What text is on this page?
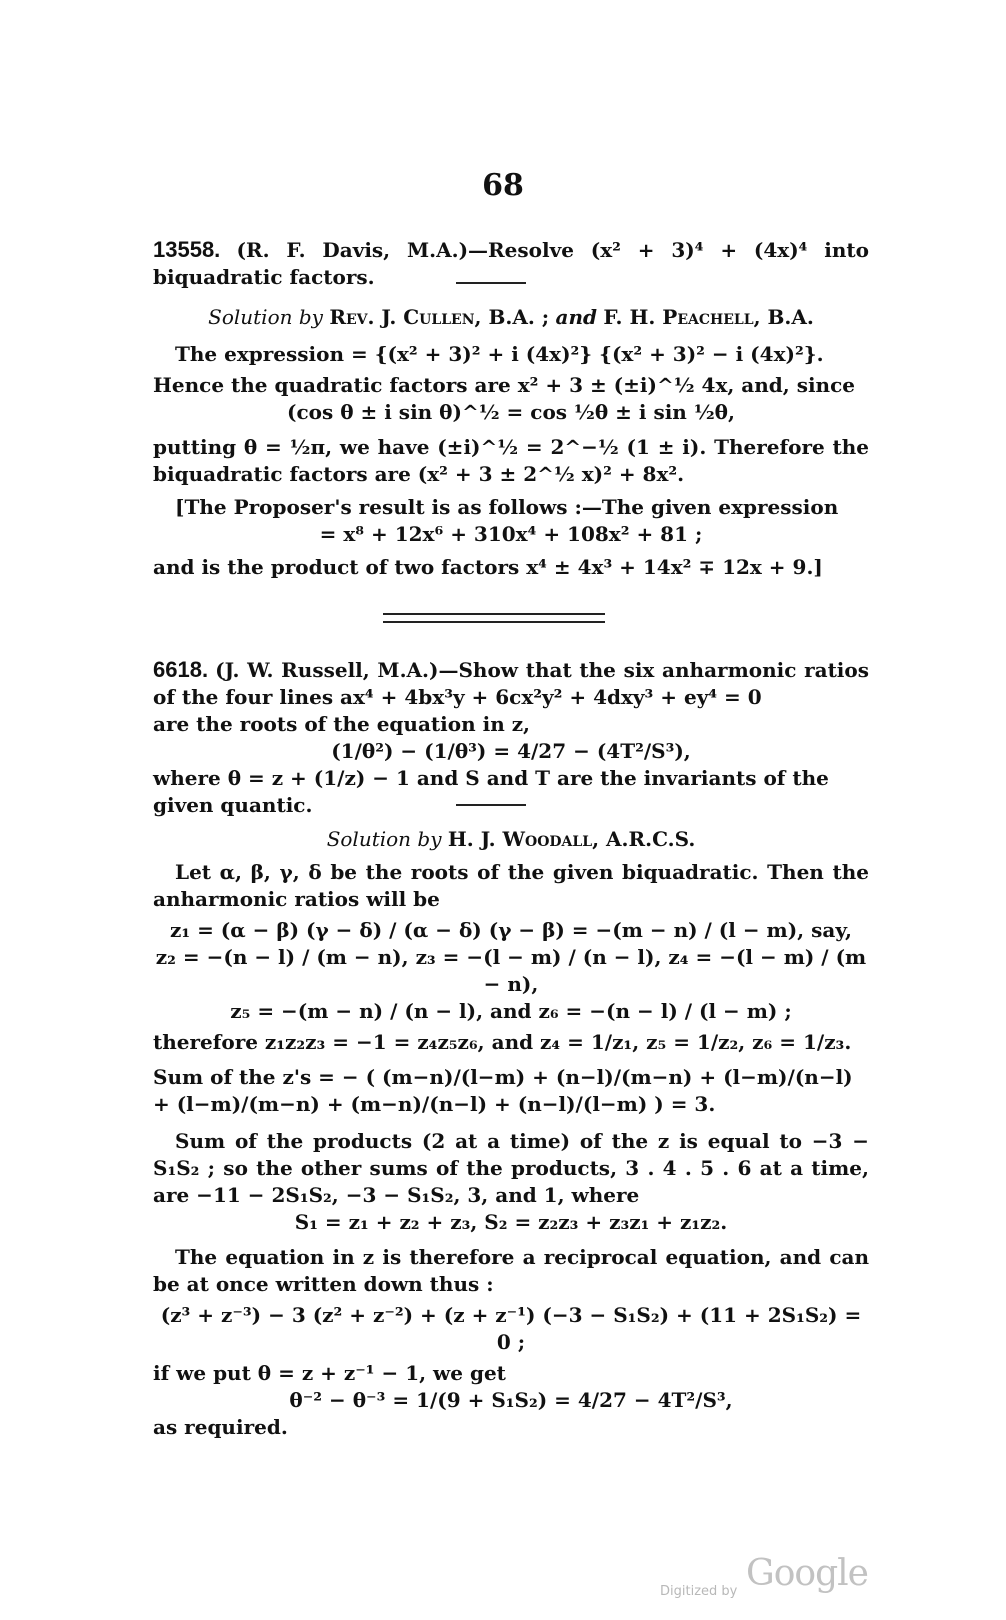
68

13558. (R. F. Davis, M.A.)—Resolve (x² + 3)⁴ + (4x)⁴ into biquadratic factors.

Solution by Rev. J. Cullen, B.A. ; and F. H. Peachell, B.A.

The expression = {(x² + 3)² + i (4x)²} {(x² + 3)² − i (4x)²}.

Hence the quadratic factors are x² + 3 ± (±i)^½ 4x, and, since

(cos θ ± i sin θ)^½ = cos ½θ ± i sin ½θ,

putting θ = ½π, we have (±i)^½ = 2^−½ (1 ± i). Therefore the biquadratic factors are (x² + 3 ± 2^½ x)² + 8x².

[The Proposer's result is as follows :—The given expression

= x⁸ + 12x⁶ + 310x⁴ + 108x² + 81 ;

and is the product of two factors x⁴ ± 4x³ + 14x² ∓ 12x + 9.]

6618. (J. W. Russell, M.A.)—Show that the six anharmonic ratios of the four lines ax⁴ + 4bx³y + 6cx²y² + 4dxy³ + ey⁴ = 0

are the roots of the equation in z,

(1/θ²) − (1/θ³) = 4/27 − (4T²/S³),

where θ = z + (1/z) − 1 and S and T are the invariants of the given quantic.

Solution by H. J. Woodall, A.R.C.S.

Let α, β, γ, δ be the roots of the given biquadratic. Then the anharmonic ratios will be

z₁ = (α − β) (γ − δ) / (α − δ) (γ − β) = −(m − n) / (l − m), say,

z₂ = −(n − l) / (m − n), z₃ = −(l − m) / (n − l), z₄ = −(l − m) / (m − n),

z₅ = −(m − n) / (n − l), and z₆ = −(n − l) / (l − m) ;

therefore z₁z₂z₃ = −1 = z₄z₅z₆, and z₄ = 1/z₁, z₅ = 1/z₂, z₆ = 1/z₃.

Sum of the z's = − ( (m−n)/(l−m) + (n−l)/(m−n) + (l−m)/(n−l) + (l−m)/(m−n) + (m−n)/(n−l) + (n−l)/(l−m) ) = 3.

Sum of the products (2 at a time) of the z is equal to −3 − S₁S₂ ; so the other sums of the products, 3 . 4 . 5 . 6 at a time, are −11 − 2S₁S₂, −3 − S₁S₂, 3, and 1, where

S₁ = z₁ + z₂ + z₃, S₂ = z₂z₃ + z₃z₁ + z₁z₂.

The equation in z is therefore a reciprocal equation, and can be at once written down thus :

(z³ + z⁻³) − 3 (z² + z⁻²) + (z + z⁻¹) (−3 − S₁S₂) + (11 + 2S₁S₂) = 0 ;

if we put θ = z + z⁻¹ − 1, we get

θ⁻² − θ⁻³ = 1/(9 + S₁S₂) = 4/27 − 4T²/S³,

as required.

Digitized by Google
